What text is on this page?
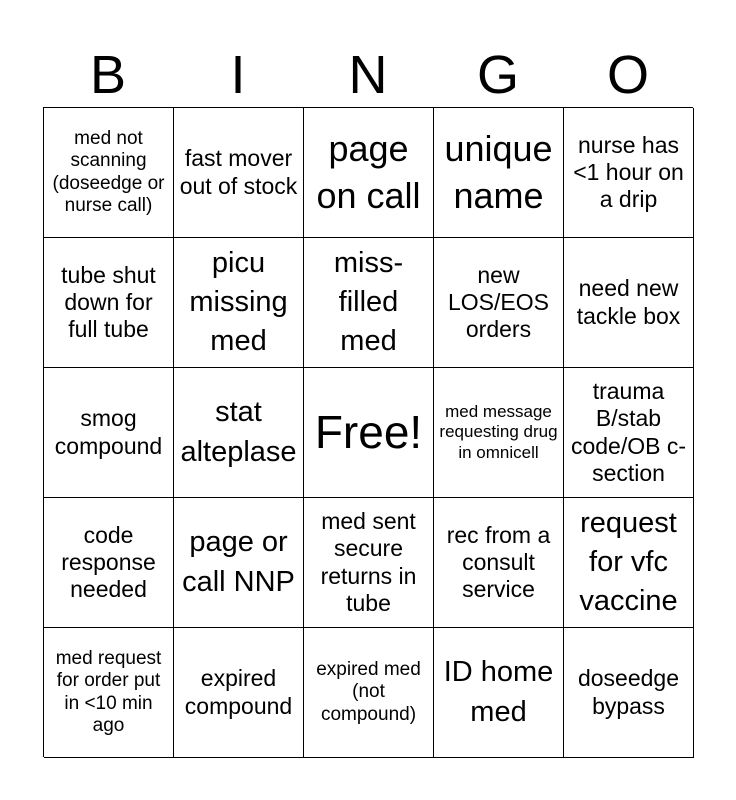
B	I	N	G	O
med not scanning (doseedge or nurse call)
fast mover out of stock
page on call
unique name
nurse has <1 hour on a drip
tube shut down for full tube
picu missing med
miss-filled med
new LOS/EOS orders
need new tackle box
smog compound
stat alteplase Free!	med message requesting drug in omnicell
trauma B/stab code/OB c-section
code response needed
page or call NNP
med sent secure returns in tube
rec from a consult service
request for vfc vaccine
med request for order put in <10 min ago
expired compound
expired med (not compound)
ID home med
doseedge bypass
